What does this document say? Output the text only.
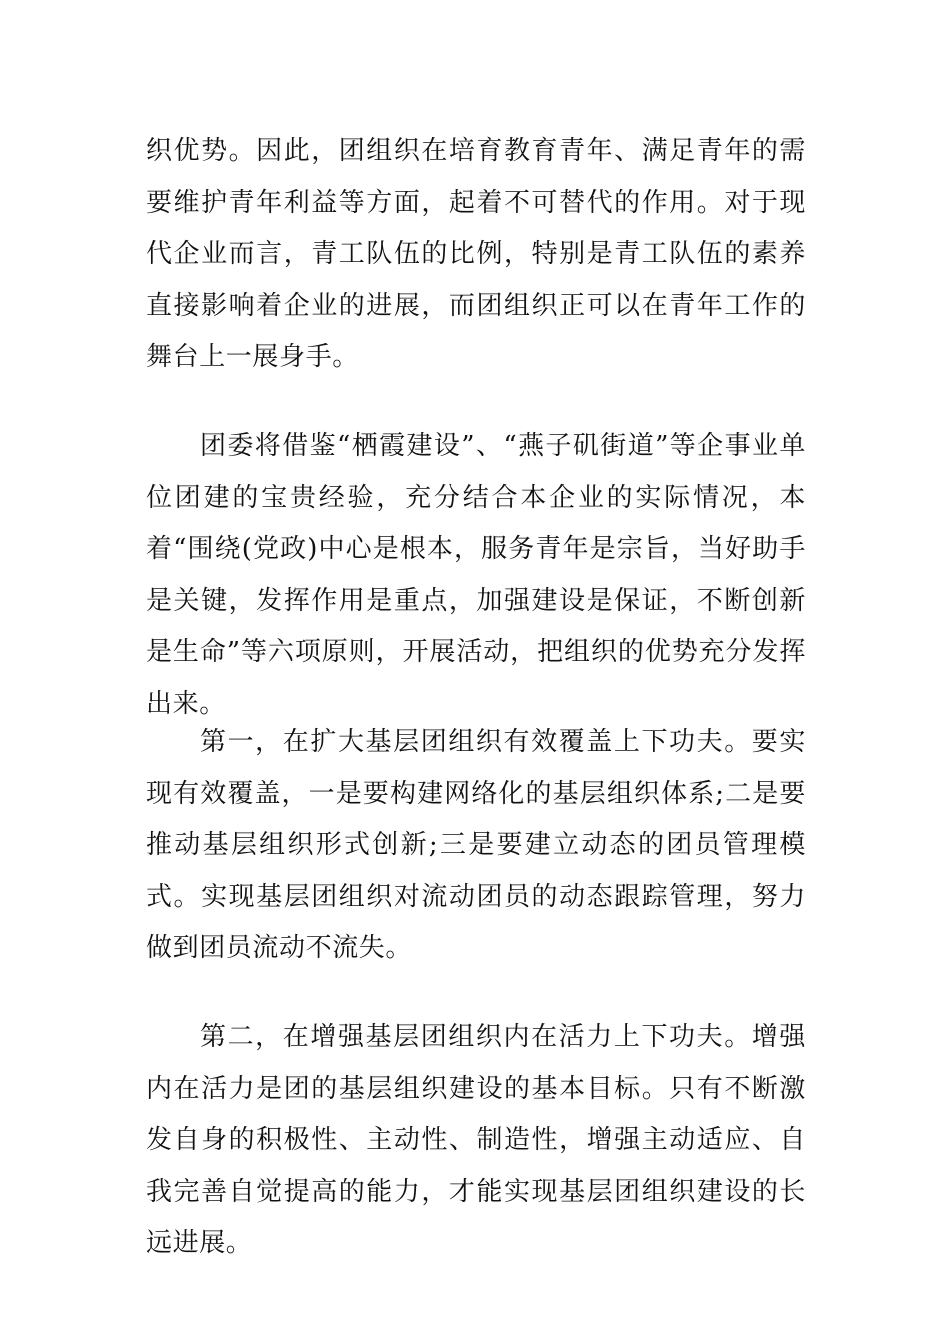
织优势。因此，团组织在培育教育青年、满足青年的需要维护青年利益等方面，起着不可替代的作用。对于现代企业而言，青工队伍的比例，特别是青工队伍的素养直接影响着企业的进展，而团组织正可以在青年工作的舞台上一展身手。

团委将借鉴“栖霞建设”、“燕子矶街道”等企事业单位团建的宝贵经验，充分结合本企业的实际情况，本着“围绕(党政)中心是根本，服务青年是宗旨，当好助手是关键，发挥作用是重点，加强建设是保证，不断创新是生命”等六项原则，开展活动，把组织的优势充分发挥出来。

第一，在扩大基层团组织有效覆盖上下功夫。要实现有效覆盖，一是要构建网络化的基层组织体系;二是要推动基层组织形式创新;三是要建立动态的团员管理模式。实现基层团组织对流动团员的动态跟踪管理，努力做到团员流动不流失。

第二，在增强基层团组织内在活力上下功夫。增强内在活力是团的基层组织建设的基本目标。只有不断激发自身的积极性、主动性、制造性，增强主动适应、自我完善自觉提高的能力，才能实现基层团组织建设的长远进展。
